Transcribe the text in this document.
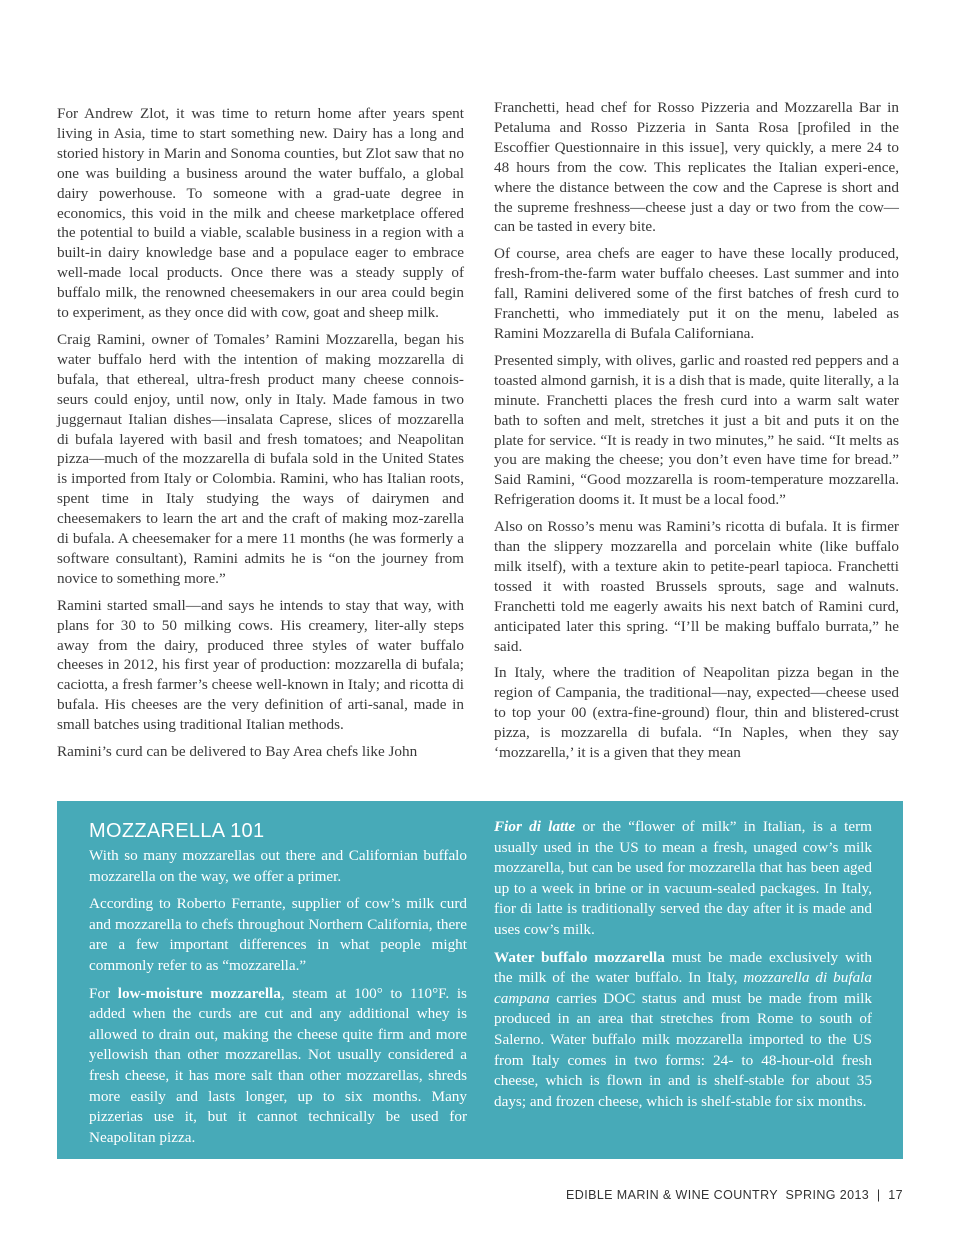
For Andrew Zlot, it was time to return home after years spent living in Asia, time to start something new. Dairy has a long and storied history in Marin and Sonoma counties, but Zlot saw that no one was building a business around the water buffalo, a global dairy powerhouse. To someone with a grad-uate degree in economics, this void in the milk and cheese marketplace offered the potential to build a viable, scalable business in a region with a built-in dairy knowledge base and a populace eager to embrace well-made local products. Once there was a steady supply of buffalo milk, the renowned cheesemakers in our area could begin to experiment, as they once did with cow, goat and sheep milk.

Craig Ramini, owner of Tomales’ Ramini Mozzarella, began his water buffalo herd with the intention of making mozzarella di bufala, that ethereal, ultra-fresh product many cheese connois-seurs could enjoy, until now, only in Italy. Made famous in two juggernaut Italian dishes—insalata Caprese, slices of mozzarella di bufala layered with basil and fresh tomatoes; and Neapolitan pizza—much of the mozzarella di bufala sold in the United States is imported from Italy or Colombia. Ramini, who has Italian roots, spent time in Italy studying the ways of dairymen and cheesemakers to learn the art and the craft of making moz-zarella di bufala. A cheesemaker for a mere 11 months (he was formerly a software consultant), Ramini admits he is “on the journey from novice to something more.”

Ramini started small—and says he intends to stay that way, with plans for 30 to 50 milking cows. His creamery, liter-ally steps away from the dairy, produced three styles of water buffalo cheeses in 2012, his first year of production: mozzarella di bufala; caciotta, a fresh farmer’s cheese well-known in Italy; and ricotta di bufala. His cheeses are the very definition of arti-sanal, made in small batches using traditional Italian methods.

Ramini’s curd can be delivered to Bay Area chefs like John

Franchetti, head chef for Rosso Pizzeria and Mozzarella Bar in Petaluma and Rosso Pizzeria in Santa Rosa [profiled in the Escoffier Questionnaire in this issue], very quickly, a mere 24 to 48 hours from the cow. This replicates the Italian experi-ence, where the distance between the cow and the Caprese is short and the supreme freshness—cheese just a day or two from the cow—can be tasted in every bite.

Of course, area chefs are eager to have these locally produced, fresh-from-the-farm water buffalo cheeses. Last summer and into fall, Ramini delivered some of the first batches of fresh curd to Franchetti, who immediately put it on the menu, labeled as Ramini Mozzarella di Bufala Californiana.

Presented simply, with olives, garlic and roasted red peppers and a toasted almond garnish, it is a dish that is made, quite literally, a la minute. Franchetti places the fresh curd into a warm salt water bath to soften and melt, stretches it just a bit and puts it on the plate for service. “It is ready in two minutes,” he said. “It melts as you are making the cheese; you don’t even have time for bread.” Said Ramini, “Good mozzarella is room-temperature mozzarella. Refrigeration dooms it. It must be a local food.”

Also on Rosso’s menu was Ramini’s ricotta di bufala. It is firmer than the slippery mozzarella and porcelain white (like buffalo milk itself), with a texture akin to petite-pearl tapioca. Franchetti tossed it with roasted Brussels sprouts, sage and walnuts. Franchetti told me eagerly awaits his next batch of Ramini curd, anticipated later this spring. “I’ll be making buffalo burrata,” he said.

In Italy, where the tradition of Neapolitan pizza began in the region of Campania, the traditional—nay, expected—cheese used to top your 00 (extra-fine-ground) flour, thin and blistered-crust pizza, is mozzarella di bufala. “In Naples, when they say ‘mozzarella,’ it is a given that they mean

MOZZARELLA 101

With so many mozzarellas out there and Californian buffalo mozzarella on the way, we offer a primer.

According to Roberto Ferrante, supplier of cow’s milk curd and mozzarella to chefs throughout Northern California, there are a few important differences in what people might commonly refer to as “mozzarella.”

For low-moisture mozzarella, steam at 100° to 110°F. is added when the curds are cut and any additional whey is allowed to drain out, making the cheese quite firm and more yellowish than other mozzarellas. Not usually considered a fresh cheese, it has more salt than other mozzarellas, shreds more easily and lasts longer, up to six months. Many pizzerias use it, but it cannot technically be used for Neapolitan pizza.

Fior di latte or the “flower of milk” in Italian, is a term usually used in the US to mean a fresh, unaged cow’s milk mozzarella, but can be used for mozzarella that has been aged up to a week in brine or in vacuum-sealed packages. In Italy, fior di latte is traditionally served the day after it is made and uses cow’s milk.

Water buffalo mozzarella must be made exclusively with the milk of the water buffalo. In Italy, mozzarella di bufala campana carries DOC status and must be made from milk produced in an area that stretches from Rome to south of Salerno. Water buffalo milk mozzarella imported to the US from Italy comes in two forms: 24- to 48-hour-old fresh cheese, which is flown in and is shelf-stable for about 35 days; and frozen cheese, which is shelf-stable for six months.

EDIBLE MARIN & WINE COUNTRY  SPRING 2013  |  17
